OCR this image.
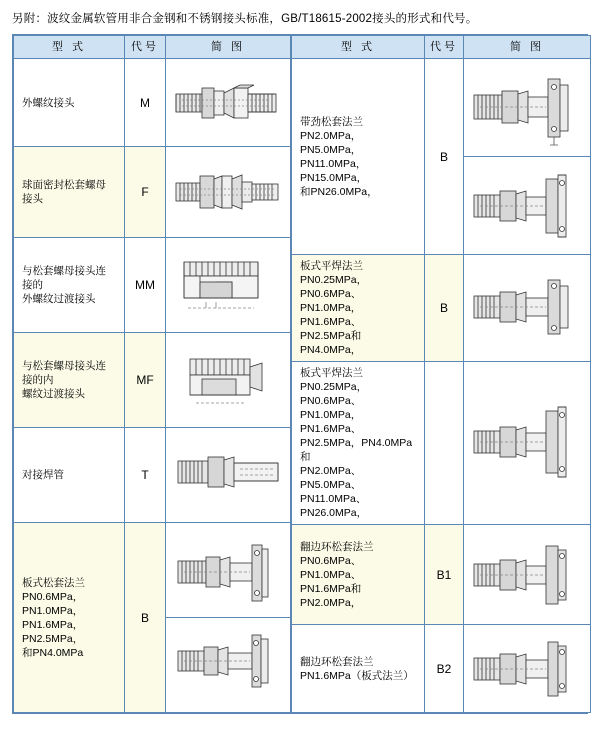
另附：波纹金属软管用非合金钢和不锈钢接头标准，GB/T18615-2002接头的形式和代号。
型 式	代号	简 图

外螺纹接头	M	

球面密封松套螺母接头	F	

与松套螺母接头连接的
外螺纹过渡接头	MM	

与松套螺母接头连接的内
螺纹过渡接头	MF	

对接焊管	T	

板式松套法兰
PN0.6MPa，PN1.0MPa，
PN1.6MPa，PN2.5MPa，
和PN4.0MPa	B	
型 式	代号	简 图

带劲松套法兰
PN2.0MPa，PN5.0MPa，
PN11.0MPa，PN15.0MPa，
和PN26.0MPa，	B	

板式平焊法兰
PN0.25MPa，PN0.6MPa、
PN1.0MPa，PN1.6MPa、
PN2.5MPa和PN4.0MPa，	B	

板式平焊法兰
PN0.25MPa，PN0.6MPa、
PN1.0MPa，PN1.6MPa、
PN2.5MPa，PN4.0MPa 和
PN2.0MPa、PN5.0MPa、
PN11.0MPa、PN26.0MPa，

翻边环松套法兰
PN0.6MPa、PN1.0MPa、
PN1.6MPa和PN2.0MPa，	B1	

翻边环松套法兰
PN1.6MPa（板式法兰）	B2	
